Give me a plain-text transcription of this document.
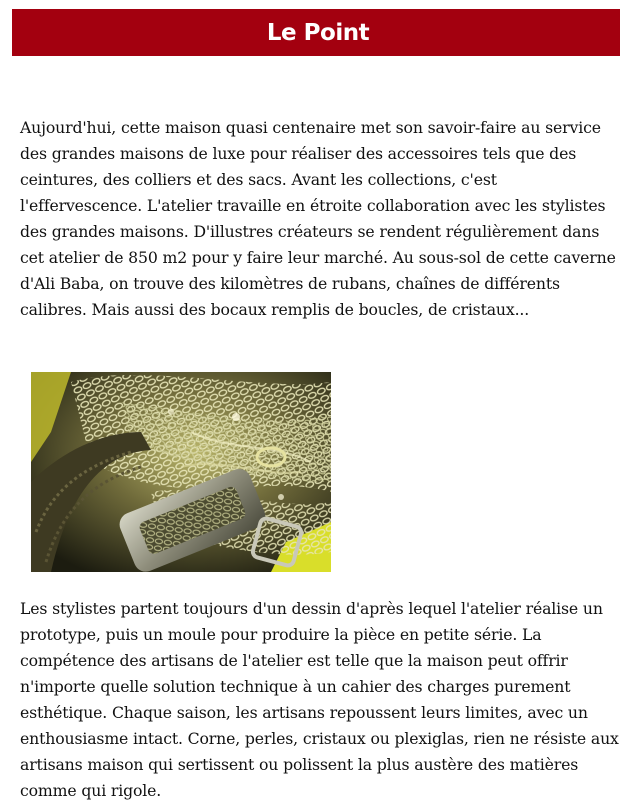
Le Point

Aujourd'hui, cette maison quasi centenaire met son savoir-faire au service des grandes maisons de luxe pour réaliser des accessoires tels que des ceintures, des colliers et des sacs. Avant les collections, c'est l'effervescence. L'atelier travaille en étroite collaboration avec les stylistes des grandes maisons. D'illustres créateurs se rendent régulièrement dans cet atelier de 850 m2 pour y faire leur marché. Au sous-sol de cette caverne d'Ali Baba, on trouve des kilomètres de rubans, chaînes de différents calibres. Mais aussi des bocaux remplis de boucles, de cristaux...

Les stylistes partent toujours d'un dessin d'après lequel l'atelier réalise un prototype, puis un moule pour produire la pièce en petite série. La compétence des artisans de l'atelier est telle que la maison peut offrir n'importe quelle solution technique à un cahier des charges purement esthétique. Chaque saison, les artisans repoussent leurs limites, avec un enthousiasme intact. Corne, perles, cristaux ou plexiglas, rien ne résiste aux artisans maison qui sertissent ou polissent la plus austère des matières comme qui rigole.
